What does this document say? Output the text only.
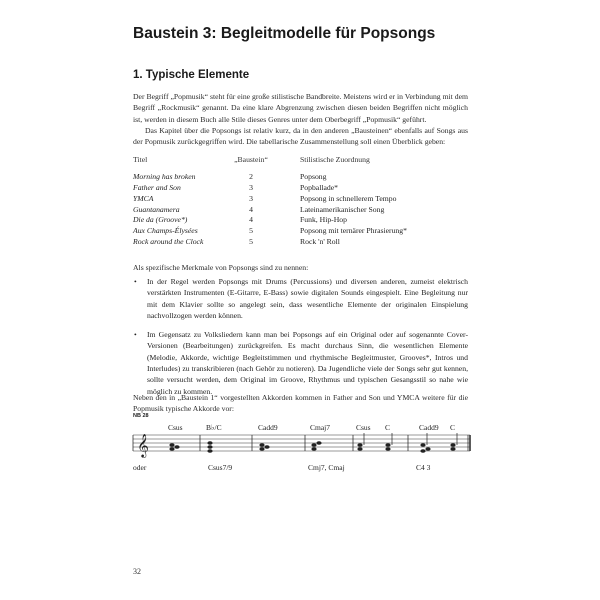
Baustein 3: Begleitmodelle für Popsongs
1. Typische Elemente

Der Begriff „Popmusik“ steht für eine große stilistische Bandbreite. Meistens wird er in Verbindung mit dem Begriff „Rockmusik“ genannt. Da eine klare Abgrenzung zwischen diesen beiden Begriffen nicht möglich ist, werden in diesem Buch alle Stile dieses Genres unter dem Oberbegriff „Popmusik“ geführt.

Das Kapitel über die Popsongs ist relativ kurz, da in den anderen „Bausteinen“ ebenfalls auf Songs aus der Popmusik zurückgegriffen wird. Die tabellarische Zusammenstellung soll einen Überblick geben:

Titel	„Baustein“	Stilistische Zuordnung
Morning has broken	2	Popsong
Father and Son	3	Popballade*
YMCA	3	Popsong in schnellerem Tempo
Guantanamera	4	Lateinamerikanischer Song
Die da (Groove*)	4	Funk, Hip-Hop
Aux Champs-Élysées	5	Popsong mit ternärer Phrasierung*
Rock around the Clock	5	Rock 'n' Roll

Als spezifische Merkmale von Popsongs sind zu nennen:

• In der Regel werden Popsongs mit Drums (Percussions) und diversen anderen, zumeist elektrisch verstärkten Instrumenten (E-Gitarre, E-Bass) sowie digitalen Sounds eingespielt. Eine Begleitung nur mit dem Klavier sollte so angelegt sein, dass wesentliche Elemente der originalen Einspielung nachvollzogen werden können.
• Im Gegensatz zu Volksliedern kann man bei Popsongs auf ein Original oder auf sogenannte Cover-Versionen (Bearbeitungen) zurückgreifen. Es macht durchaus Sinn, die wesentlichen Elemente (Melodie, Akkorde, wichtige Begleitstimmen und rhythmische Begleitmuster, Grooves*, Intros und Interludes) zu transkribieren (nach Gehör zu notieren). Da Jugendliche viele der Songs sehr gut kennen, sollte versucht werden, dem Original im Groove, Rhythmus und typischen Gesangsstil so nahe wie möglich zu kommen.

Neben den in „Baustein 1“ vorgestellten Akkorden kommen in Father and Son und YMCA weitere für die Popmusik typische Akkorde vor:

NB 28

𝄞
Csus	B♭/C	Cadd9	Cmaj7	Csus C	Cadd9 C
oder	Csus7/9	Cmj7, Cmaj	C4 3

32
